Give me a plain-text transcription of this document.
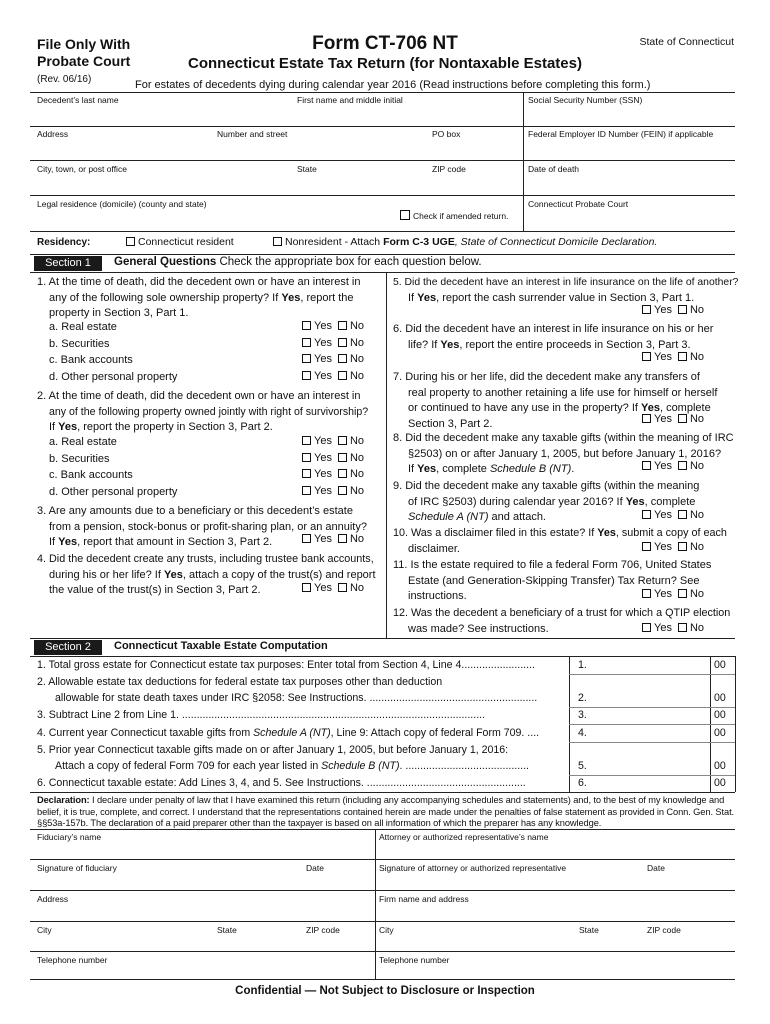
File Only With
Probate Court
(Rev. 06/16)
Form CT-706 NT
Connecticut Estate Tax Return (for Nontaxable Estates)
State of Connecticut
For estates of decedents dying during calendar year 2016 (Read instructions before completing this form.)
Decedent’s last name	First name and middle initial	Social Security Number (SSN)
Address	Number and street	PO box	Federal Employer ID Number (FEIN) if applicable
City, town, or post office	State	ZIP code	Date of death
Legal residence (domicile) (county and state)	Connecticut Probate Court
Check if amended return.
Residency:	Connecticut resident	Nonresident - Attach Form C-3 UGE, State of Connecticut Domicile Declaration.
Section 1	General Questions Check the appropriate box for each question below.
1. At the time of death, did the decedent own or have an interest in
any of the following sole ownership property? If Yes, report the
property in Section 3, Part 1.
a. Real estate	Yes No
b. Securities	Yes No
c. Bank accounts	Yes No
d. Other personal property	Yes No
2. At the time of death, did the decedent own or have an interest in
any of the following property owned jointly with right of survivorship?
If Yes, report the property in Section 3, Part 2.
a. Real estate	Yes No
b. Securities	Yes No
c. Bank accounts	Yes No
d. Other personal property	Yes No
3. Are any amounts due to a beneficiary or this decedent’s estate
from a pension, stock-bonus or profit-sharing plan, or an annuity?
If Yes, report that amount in Section 3, Part 2.	Yes No
4. Did the decedent create any trusts, including trustee bank accounts,
during his or her life? If Yes, attach a copy of the trust(s) and report
the value of the trust(s) in Section 3, Part 2.	Yes No
5. Did the decedent have an interest in life insurance on the life of another?
If Yes, report the cash surrender value in Section 3, Part 1.
Yes No
6. Did the decedent have an interest in life insurance on his or her
life? If Yes, report the entire proceeds in Section 3, Part 3.
Yes No
7. During his or her life, did the decedent make any transfers of
real property to another retaining a life use for himself or herself
or continued to have any use in the property? If Yes, complete
Section 3, Part 2.	Yes No
8. Did the decedent make any taxable gifts (within the meaning of IRC
§2503) on or after January 1, 2005, but before January 1, 2016?
If Yes, complete Schedule B (NT).	Yes No
9. Did the decedent make any taxable gifts (within the meaning
of IRC §2503) during calendar year 2016? If Yes, complete
Schedule A (NT) and attach.	Yes No
10. Was a disclaimer filed in this estate? If Yes, submit a copy of each
disclaimer.	Yes No
11. Is the estate required to file a federal Form 706, United States
Estate (and Generation-Skipping Transfer) Tax Return? See
instructions.	Yes No
12. Was the decedent a beneficiary of a trust for which a QTIP election
was made? See instructions.	Yes No
Section 2	Connecticut Taxable Estate Computation
1. Total gross estate for Connecticut estate tax purposes: Enter total from Section 4, Line 4.........................	1.	00
2. Allowable estate tax deductions for federal estate tax purposes other than deduction
allowable for state death taxes under IRC §2058: See Instructions. .........................................................	2.	00
3. Subtract Line 2 from Line 1. .......................................................................................................	3.	00
4. Current year Connecticut taxable gifts from Schedule A (NT), Line 9: Attach copy of federal Form 709. ....	4.	00
5. Prior year Connecticut taxable gifts made on or after January 1, 2005, but before January 1, 2016:
Attach a copy of federal Form 709 for each year listed in Schedule B (NT). ..........................................	5.	00
6. Connecticut taxable estate: Add Lines 3, 4, and 5. See Instructions. ......................................................	6.	00
Declaration: I declare under penalty of law that I have examined this return (including any accompanying schedules and statements) and, to the best of my knowledge and belief, it is true, complete, and correct. I understand that the representations contained herein are made under the penalties of false statement as provided in Conn. Gen. Stat. §§53a-157b. The declaration of a paid preparer other than the taxpayer is based on all information of which the preparer has any knowledge.
Fiduciary’s name	Attorney or authorized representative’s name
Signature of fiduciary	Date	Signature of attorney or authorized representative	Date
Address	Firm name and address
City	State	ZIP code	City	State	ZIP code
Telephone number	Telephone number
Confidential — Not Subject to Disclosure or Inspection
